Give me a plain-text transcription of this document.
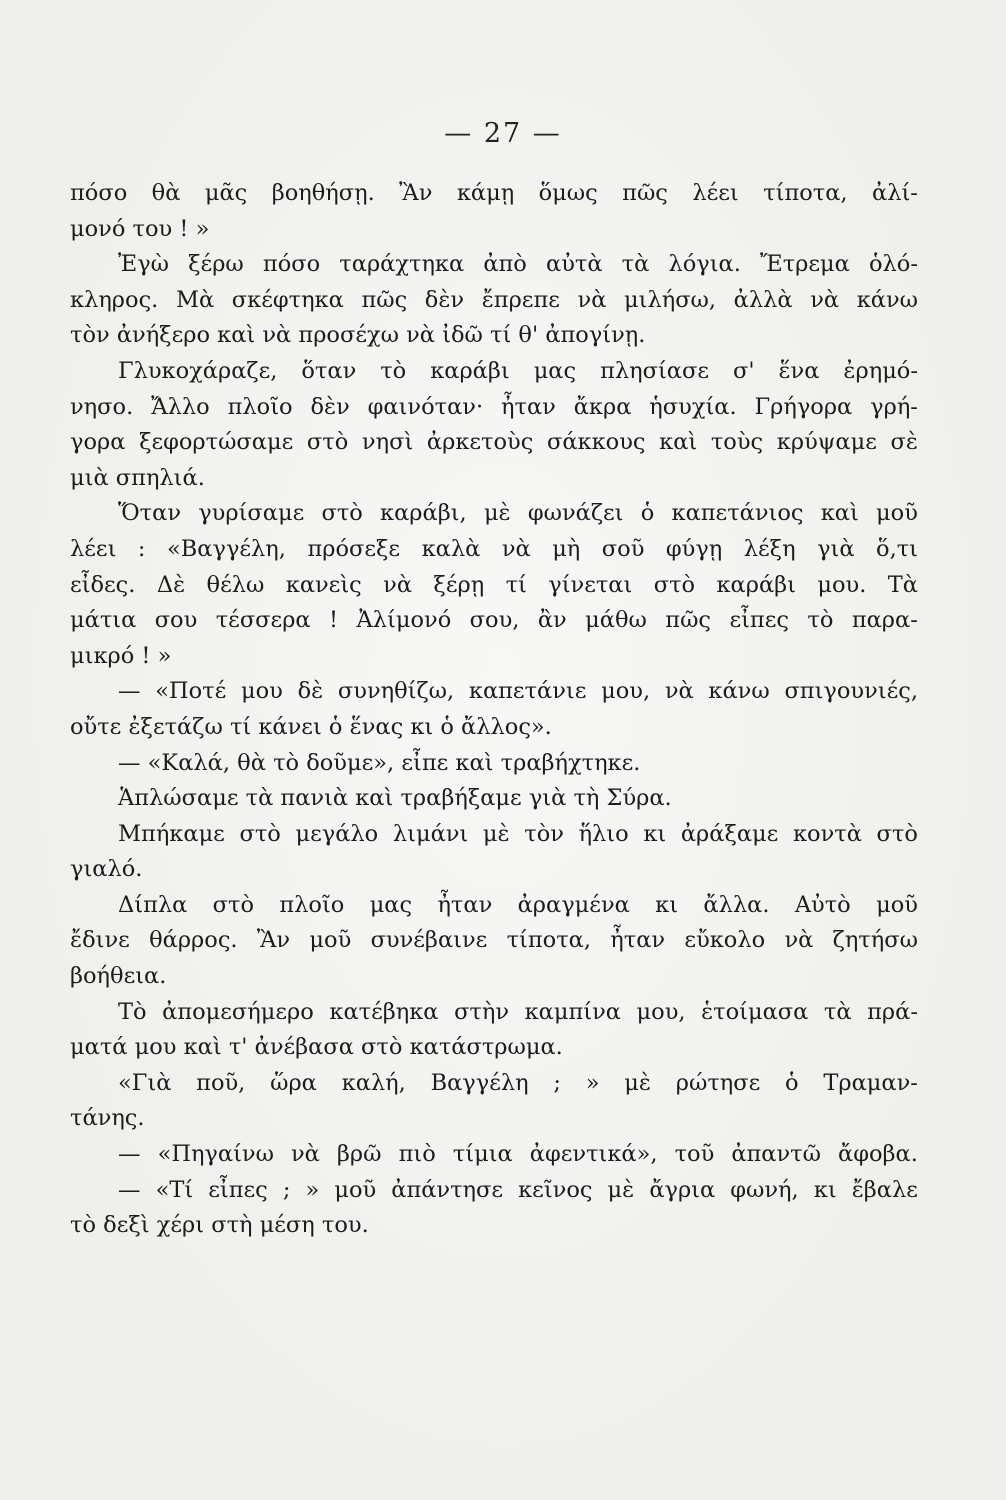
— 27 —
πόσο θὰ μᾶς βοηθήσῃ. Ἂν κάμῃ ὅμως πῶς λέει τίποτα, ἀλί-
μονό του ! »
Ἐγὼ ξέρω πόσο ταράχτηκα ἀπὸ αὐτὰ τὰ λόγια. Ἔτρεμα ὁλό-
κληρος. Μὰ σκέφτηκα πῶς δὲν ἔπρεπε νὰ μιλήσω, ἀλλὰ νὰ κάνω
τὸν ἀνήξερο καὶ νὰ προσέχω νὰ ἰδῶ τί θ' ἀπογίνῃ.
Γλυκοχάραζε, ὅταν τὸ καράβι μας πλησίασε σ' ἕνα ἐρημό-
νησο. Ἄλλο πλοῖο δὲν φαινόταν· ἦταν ἄκρα ἡσυχία. Γρήγορα γρή-
γορα ξεφορτώσαμε στὸ νησὶ ἀρκετοὺς σάκκους καὶ τοὺς κρύψαμε σὲ
μιὰ σπηλιά.
Ὅταν γυρίσαμε στὸ καράβι, μὲ φωνάζει ὁ καπετάνιος καὶ μοῦ
λέει : «Βαγγέλη, πρόσεξε καλὰ νὰ μὴ σοῦ φύγῃ λέξη γιὰ ὅ,τι
εἶδες. Δὲ θέλω κανεὶς νὰ ξέρῃ τί γίνεται στὸ καράβι μου. Τὰ
μάτια σου τέσσερα ! Ἀλίμονό σου, ἂν μάθω πῶς εἶπες τὸ παρα-
μικρό ! »
— «Ποτέ μου δὲ συνηθίζω, καπετάνιε μου, νὰ κάνω σπιγουνιές,
οὔτε ἐξετάζω τί κάνει ὁ ἕνας κι ὁ ἄλλος».
— «Καλά, θὰ τὸ δοῦμε», εἶπε καὶ τραβήχτηκε.
Ἁπλώσαμε τὰ πανιὰ καὶ τραβήξαμε γιὰ τὴ Σύρα.
Μπήκαμε στὸ μεγάλο λιμάνι μὲ τὸν ἥλιο κι ἀράξαμε κοντὰ στὸ
γιαλό.
Δίπλα στὸ πλοῖο μας ἦταν ἀραγμένα κι ἄλλα. Αὐτὸ μοῦ
ἔδινε θάρρος. Ἂν μοῦ συνέβαινε τίποτα, ἦταν εὔκολο νὰ ζητήσω
βοήθεια.
Τὸ ἀπομεσήμερο κατέβηκα στὴν καμπίνα μου, ἑτοίμασα τὰ πρά-
ματά μου καὶ τ' ἀνέβασα στὸ κατάστρωμα.
«Γιὰ ποῦ, ὥρα καλή, Βαγγέλη ; » μὲ ρώτησε ὁ Τραμαν-
τάνης.
— «Πηγαίνω νὰ βρῶ πιὸ τίμια ἀφεντικά», τοῦ ἀπαντῶ ἄφοβα.
— «Τί εἶπες ; » μοῦ ἀπάντησε κεῖνος μὲ ἄγρια φωνή, κι ἔβαλε
τὸ δεξὶ χέρι στὴ μέση του.
